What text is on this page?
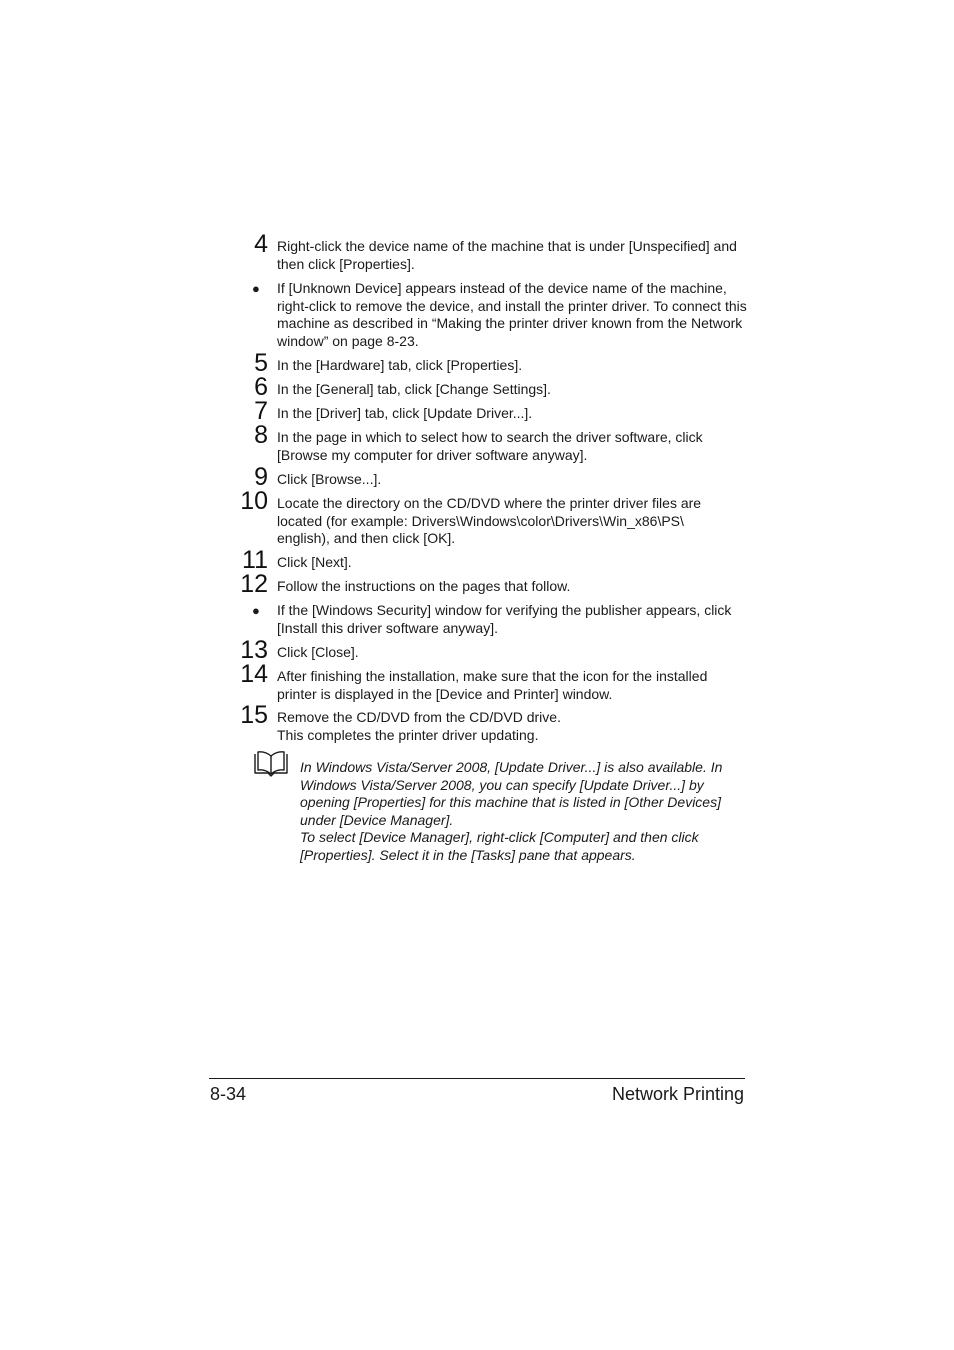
4 Right-click the device name of the machine that is under [Unspecified] and then click [Properties].
● If [Unknown Device] appears instead of the device name of the machine, right-click to remove the device, and install the printer driver. To connect this machine as described in “Making the printer driver known from the Network window” on page 8-23.
5 In the [Hardware] tab, click [Properties].
6 In the [General] tab, click [Change Settings].
7 In the [Driver] tab, click [Update Driver...].
8 In the page in which to select how to search the driver software, click [Browse my computer for driver software anyway].
9 Click [Browse...].
10 Locate the directory on the CD/DVD where the printer driver files are located (for example: Drivers\Windows\color\Drivers\Win_x86\PS\ english), and then click [OK].
11 Click [Next].
12 Follow the instructions on the pages that follow.
● If the [Windows Security] window for verifying the publisher appears, click [Install this driver software anyway].
13 Click [Close].
14 After finishing the installation, make sure that the icon for the installed printer is displayed in the [Device and Printer] window.
15 Remove the CD/DVD from the CD/DVD drive.
This completes the printer driver updating.
In Windows Vista/Server 2008, [Update Driver...] is also available. In Windows Vista/Server 2008, you can specify [Update Driver...] by opening [Properties] for this machine that is listed in [Other Devices] under [Device Manager].
To select [Device Manager], right-click [Computer] and then click [Properties]. Select it in the [Tasks] pane that appears.
8-34	Network Printing
